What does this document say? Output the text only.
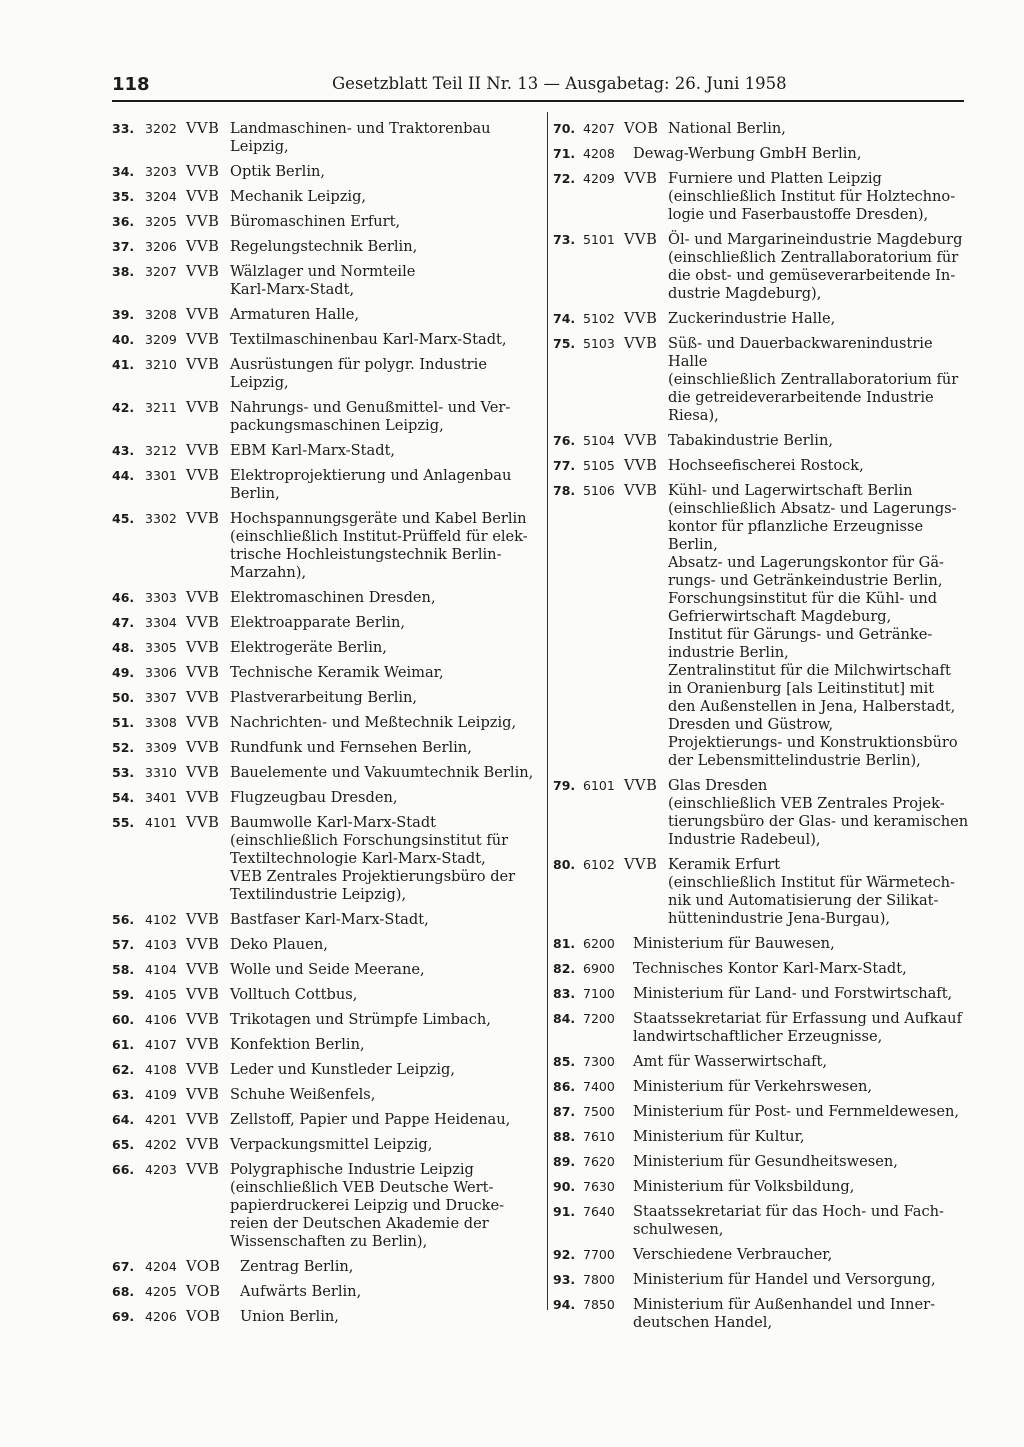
118	Gesetzblatt Teil II Nr. 13 — Ausgabetag: 26. Juni 1958
33. 3202 VVB Landmaschinen- und Traktorenbau
Leipzig,
34. 3203 VVB Optik Berlin,
35. 3204 VVB Mechanik Leipzig,
36. 3205 VVB Büromaschinen Erfurt,
37. 3206 VVB Regelungstechnik Berlin,
38. 3207 VVB Wälzlager und Normteile
Karl-Marx-Stadt,
39. 3208 VVB Armaturen Halle,
40. 3209 VVB Textilmaschinenbau Karl-Marx-Stadt,
41. 3210 VVB Ausrüstungen für polygr. Industrie
Leipzig,
42. 3211 VVB Nahrungs- und Genußmittel- und Ver-
packungsmaschinen Leipzig,
43. 3212 VVB EBM Karl-Marx-Stadt,
44. 3301 VVB Elektroprojektierung und Anlagenbau
Berlin,
45. 3302 VVB Hochspannungsgeräte und Kabel Berlin
(einschließlich Institut-Prüffeld für elek-
trische Hochleistungstechnik Berlin-
Marzahn),
46. 3303 VVB Elektromaschinen Dresden,
47. 3304 VVB Elektroapparate Berlin,
48. 3305 VVB Elektrogeräte Berlin,
49. 3306 VVB Technische Keramik Weimar,
50. 3307 VVB Plastverarbeitung Berlin,
51. 3308 VVB Nachrichten- und Meßtechnik Leipzig,
52. 3309 VVB Rundfunk und Fernsehen Berlin,
53. 3310 VVB Bauelemente und Vakuumtechnik Berlin,
54. 3401 VVB Flugzeugbau Dresden,
55. 4101 VVB Baumwolle Karl-Marx-Stadt
(einschließlich Forschungsinstitut für
Textiltechnologie Karl-Marx-Stadt,
VEB Zentrales Projektierungsbüro der
Textilindustrie Leipzig),
56. 4102 VVB Bastfaser Karl-Marx-Stadt,
57. 4103 VVB Deko Plauen,
58. 4104 VVB Wolle und Seide Meerane,
59. 4105 VVB Volltuch Cottbus,
60. 4106 VVB Trikotagen und Strümpfe Limbach,
61. 4107 VVB Konfektion Berlin,
62. 4108 VVB Leder und Kunstleder Leipzig,
63. 4109 VVB Schuhe Weißenfels,
64. 4201 VVB Zellstoff, Papier und Pappe Heidenau,
65. 4202 VVB Verpackungsmittel Leipzig,
66. 4203 VVB Polygraphische Industrie Leipzig
(einschließlich VEB Deutsche Wert-
papierdruckerei Leipzig und Drucke-
reien der Deutschen Akademie der
Wissenschaften zu Berlin),
67. 4204 VOB Zentrag Berlin,
68. 4205 VOB Aufwärts Berlin,
69. 4206 VOB Union Berlin,
70. 4207 VOB National Berlin,
71. 4208 Dewag-Werbung GmbH Berlin,
72. 4209 VVB Furniere und Platten Leipzig
(einschließlich Institut für Holztechno-
logie und Faserbaustoffe Dresden),
73. 5101 VVB Öl- und Margarineindustrie Magdeburg
(einschließlich Zentrallaboratorium für
die obst- und gemüseverarbeitende In-
dustrie Magdeburg),
74. 5102 VVB Zuckerindustrie Halle,
75. 5103 VVB Süß- und Dauerbackwarenindustrie
Halle
(einschließlich Zentrallaboratorium für
die getreideverarbeitende Industrie
Riesa),
76. 5104 VVB Tabakindustrie Berlin,
77. 5105 VVB Hochseefischerei Rostock,
78. 5106 VVB Kühl- und Lagerwirtschaft Berlin
(einschließlich Absatz- und Lagerungs-
kontor für pflanzliche Erzeugnisse
Berlin,
Absatz- und Lagerungskontor für Gä-
rungs- und Getränkeindustrie Berlin,
Forschungsinstitut für die Kühl- und
Gefrierwirtschaft Magdeburg,
Institut für Gärungs- und Getränke-
industrie Berlin,
Zentralinstitut für die Milchwirtschaft
in Oranienburg [als Leitinstitut] mit
den Außenstellen in Jena, Halberstadt,
Dresden und Güstrow,
Projektierungs- und Konstruktionsbüro
der Lebensmittelindustrie Berlin),
79. 6101 VVB Glas Dresden
(einschließlich VEB Zentrales Projek-
tierungsbüro der Glas- und keramischen
Industrie Radebeul),
80. 6102 VVB Keramik Erfurt
(einschließlich Institut für Wärmetech-
nik und Automatisierung der Silikat-
hüttenindustrie Jena-Burgau),
81. 6200 Ministerium für Bauwesen,
82. 6900 Technisches Kontor Karl-Marx-Stadt,
83. 7100 Ministerium für Land- und Forstwirtschaft,
84. 7200 Staatssekretariat für Erfassung und Aufkauf
landwirtschaftlicher Erzeugnisse,
85. 7300 Amt für Wasserwirtschaft,
86. 7400 Ministerium für Verkehrswesen,
87. 7500 Ministerium für Post- und Fernmeldewesen,
88. 7610 Ministerium für Kultur,
89. 7620 Ministerium für Gesundheitswesen,
90. 7630 Ministerium für Volksbildung,
91. 7640 Staatssekretariat für das Hoch- und Fach-
schulwesen,
92. 7700 Verschiedene Verbraucher,
93. 7800 Ministerium für Handel und Versorgung,
94. 7850 Ministerium für Außenhandel und Inner-
deutschen Handel,
